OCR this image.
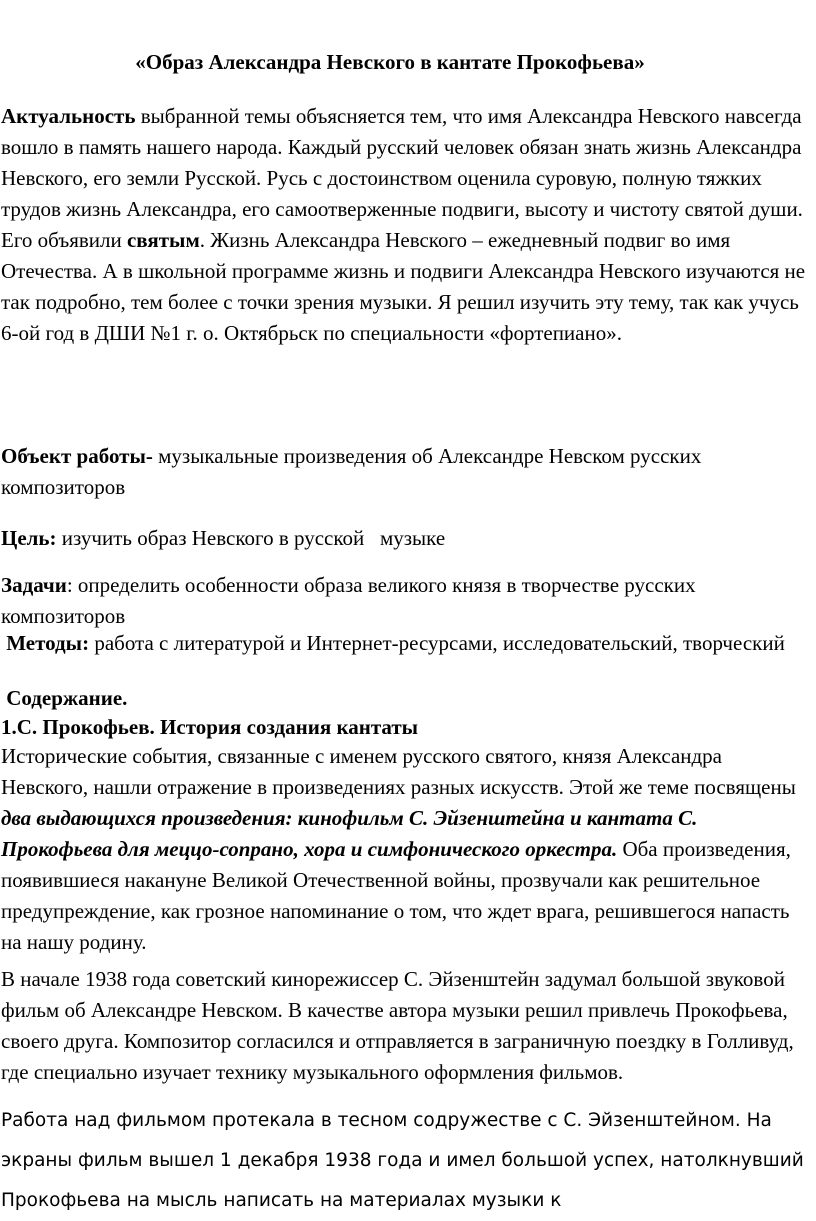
«Образ Александра Невского в кантате Прокофьева»

Актуальность выбранной темы объясняется тем, что имя Александра Невского навсегда вошло в память нашего народа. Каждый русский человек обязан знать жизнь Александра Невского, его земли Русской. Русь с достоинством оценила суровую, полную тяжких трудов жизнь Александра, его самоотверженные подвиги, высоту и чистоту святой души. Его объявили святым. Жизнь Александра Невского – ежедневный подвиг во имя Отечества. А в школьной программе жизнь и подвиги Александра Невского изучаются не так подробно, тем более с точки зрения музыки. Я решил изучить эту тему, так как учусь 6-ой год в ДШИ №1 г. о. Октябрьск по специальности «фортепиано».

Объект работы- музыкальные произведения об Александре Невском русских композиторов

Цель: изучить образ Невского в русской   музыке

Задачи: определить особенности образа великого князя в творчестве русских композиторов

Методы: работа с литературой и Интернет-ресурсами, исследовательский, творческий

Содержание.

1.С. Прокофьев. История создания кантаты

Исторические события, связанные с именем русского святого, князя Александра Невского, нашли отражение в произведениях разных искусств. Этой же теме посвящены два выдающихся произведения: кинофильм С. Эйзенштейна и кантата С. Прокофьева для меццо-сопрано, хора и симфонического оркестра. Оба произведения, появившиеся накануне Великой Отечественной войны, прозвучали как решительное предупреждение, как грозное напоминание о том, что ждет врага, решившегося напасть на нашу родину.

В начале 1938 года советский кинорежиссер С. Эйзенштейн задумал большой звуковой фильм об Александре Невском. В качестве автора музыки решил привлечь Прокофьева, своего друга. Композитор согласился и отправляется в заграничную поездку в Голливуд, где специально изучает технику музыкального оформления фильмов.

Работа над фильмом протекала в тесном содружестве с С. Эйзенштейном. На экраны фильм вышел 1 декабря 1938 года и имел большой успех, натолкнувший Прокофьева на мысль написать на материалах музыки к
